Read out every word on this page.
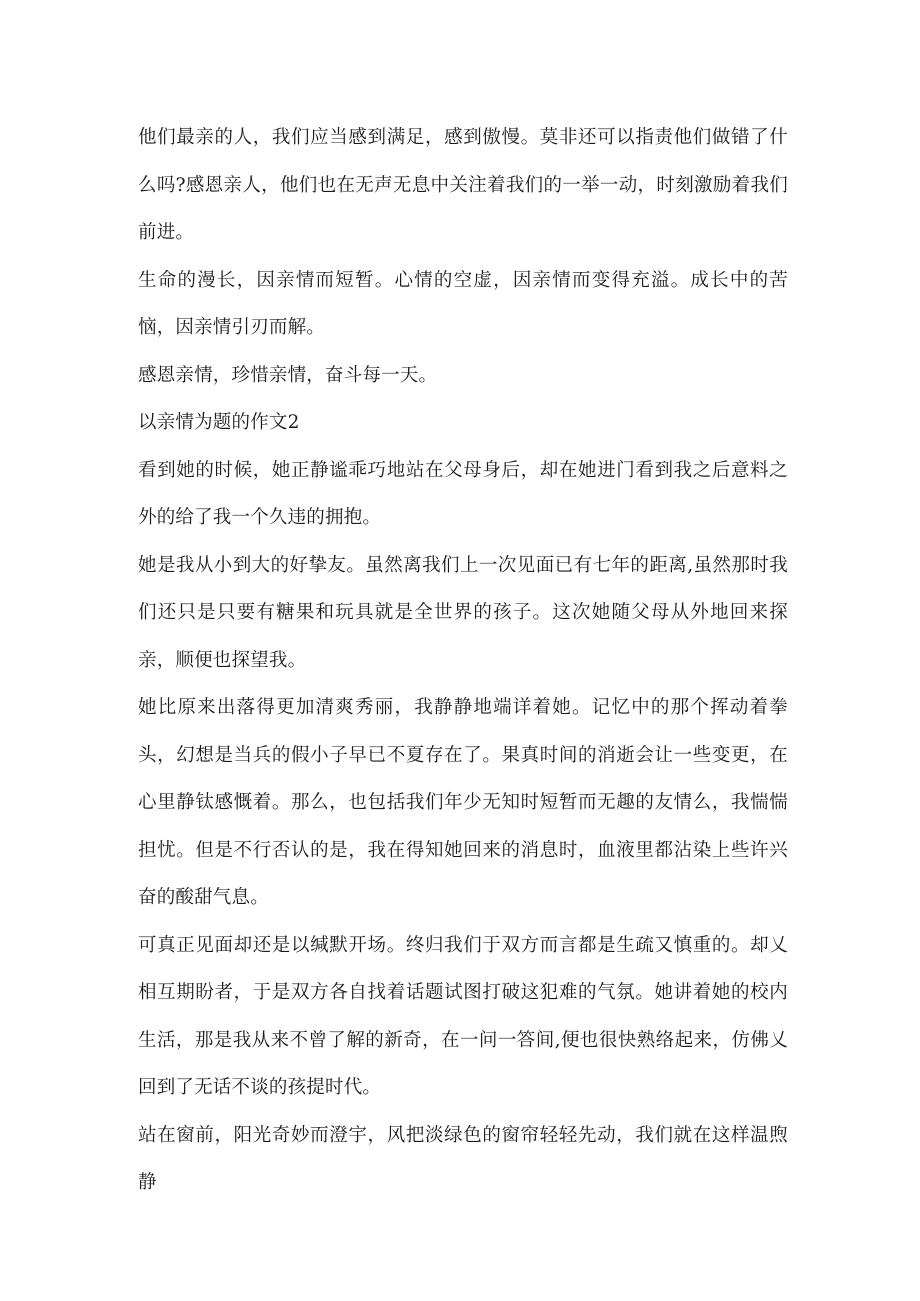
他们最亲的人，我们应当感到满足，感到傲慢。莫非还可以指责他们做错了什么吗?感恩亲人，他们也在无声无息中关注着我们的一举一动，时刻激励着我们前进。

生命的漫长，因亲情而短暂。心情的空虚，因亲情而变得充溢。成长中的苦恼，因亲情引刃而解。

感恩亲情，珍惜亲情，奋斗每一天。

以亲情为题的作文2

看到她的时候，她正静谧乖巧地站在父母身后，却在她进门看到我之后意料之外的给了我一个久违的拥抱。

她是我从小到大的好挚友。虽然离我们上一次见面已有七年的距离,虽然那时我们还只是只要有糖果和玩具就是全世界的孩子。这次她随父母从外地回来探亲，顺便也探望我。

她比原来出落得更加清爽秀丽，我静静地端详着她。记忆中的那个挥动着拳头，幻想是当兵的假小子早已不夏存在了。果真时间的消逝会让一些变更，在心里静钛感慨着。那么，也包括我们年少无知时短暂而无趣的友情么，我惴惴担忧。但是不行否认的是，我在得知她回来的消息时，血液里都沾染上些许兴奋的酸甜气息。

可真正见面却还是以缄默开场。终归我们于双方而言都是生疏又慎重的。却乂相互期盼者，于是双方各自找着话题试图打破这犯难的气氛。她讲着她的校内生活，那是我从来不曾了解的新奇，在一问一答间,便也很快熟络起来，仿佛乂回到了无话不谈的孩提时代。

站在窗前，阳光奇妙而澄宇，风把淡绿色的窗帘轻轻先动，我们就在这样温煦静
